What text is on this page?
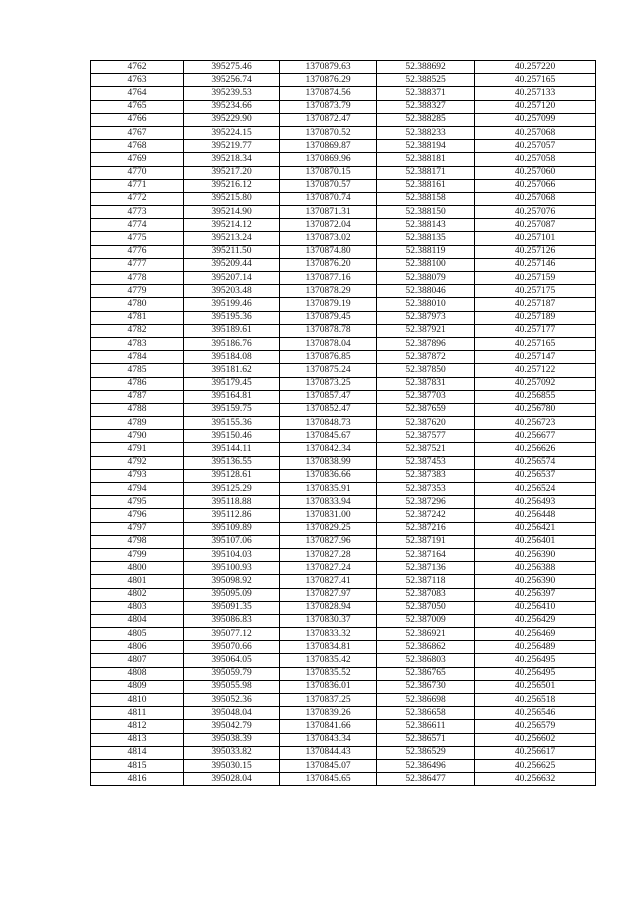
4762	395275.46	1370879.63	52.388692	40.257220
4763	395256.74	1370876.29	52.388525	40.257165
4764	395239.53	1370874.56	52.388371	40.257133
4765	395234.66	1370873.79	52.388327	40.257120
4766	395229.90	1370872.47	52.388285	40.257099
4767	395224.15	1370870.52	52.388233	40.257068
4768	395219.77	1370869.87	52.388194	40.257057
4769	395218.34	1370869.96	52.388181	40.257058
4770	395217.20	1370870.15	52.388171	40.257060
4771	395216.12	1370870.57	52.388161	40.257066
4772	395215.80	1370870.74	52.388158	40.257068
4773	395214.90	1370871.31	52.388150	40.257076
4774	395214.12	1370872.04	52.388143	40.257087
4775	395213.24	1370873.02	52.388135	40.257101
4776	395211.50	1370874.80	52.388119	40.257126
4777	395209.44	1370876.20	52.388100	40.257146
4778	395207.14	1370877.16	52.388079	40.257159
4779	395203.48	1370878.29	52.388046	40.257175
4780	395199.46	1370879.19	52.388010	40.257187
4781	395195.36	1370879.45	52.387973	40.257189
4782	395189.61	1370878.78	52.387921	40.257177
4783	395186.76	1370878.04	52.387896	40.257165
4784	395184.08	1370876.85	52.387872	40.257147
4785	395181.62	1370875.24	52.387850	40.257122
4786	395179.45	1370873.25	52.387831	40.257092
4787	395164.81	1370857.47	52.387703	40.256855
4788	395159.75	1370852.47	52.387659	40.256780
4789	395155.36	1370848.73	52.387620	40.256723
4790	395150.46	1370845.67	52.387577	40.256677
4791	395144.11	1370842.34	52.387521	40.256626
4792	395136.55	1370838.99	52.387453	40.256574
4793	395128.61	1370836.66	52.387383	40.256537
4794	395125.29	1370835.91	52.387353	40.256524
4795	395118.88	1370833.94	52.387296	40.256493
4796	395112.86	1370831.00	52.387242	40.256448
4797	395109.89	1370829.25	52.387216	40.256421
4798	395107.06	1370827.96	52.387191	40.256401
4799	395104.03	1370827.28	52.387164	40.256390
4800	395100.93	1370827.24	52.387136	40.256388
4801	395098.92	1370827.41	52.387118	40.256390
4802	395095.09	1370827.97	52.387083	40.256397
4803	395091.35	1370828.94	52.387050	40.256410
4804	395086.83	1370830.37	52.387009	40.256429
4805	395077.12	1370833.32	52.386921	40.256469
4806	395070.66	1370834.81	52.386862	40.256489
4807	395064.05	1370835.42	52.386803	40.256495
4808	395059.79	1370835.52	52.386765	40.256495
4809	395055.98	1370836.01	52.386730	40.256501
4810	395052.36	1370837.25	52.386698	40.256518
4811	395048.04	1370839.26	52.386658	40.256546
4812	395042.79	1370841.66	52.386611	40.256579
4813	395038.39	1370843.34	52.386571	40.256602
4814	395033.82	1370844.43	52.386529	40.256617
4815	395030.15	1370845.07	52.386496	40.256625
4816	395028.04	1370845.65	52.386477	40.256632
